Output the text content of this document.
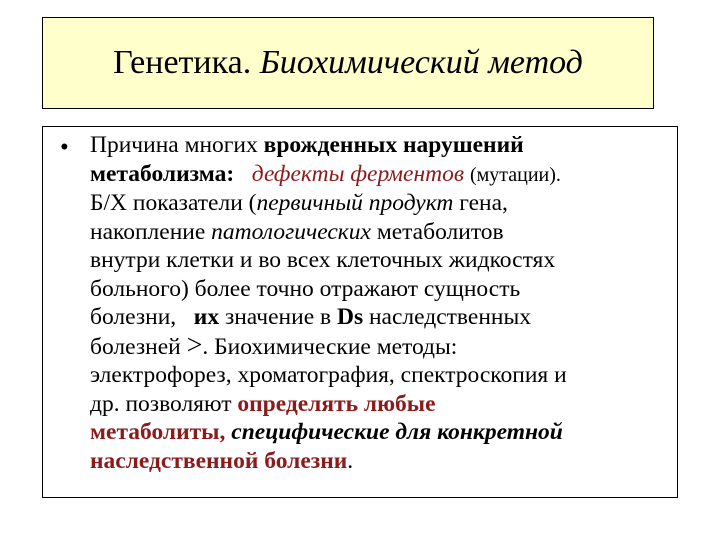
Генетика. Биохимический метод
• Причина многих врожденных нарушений
метаболизма: дефекты ферментов (мутации).
Б/Х показатели (первичный продукт гена,
накопление патологических метаболитов
внутри клетки и во всех клеточных жидкостях
больного) более точно отражают сущность
болезни, их значение в Ds наследственных
болезней >. Биохимические методы:
электрофорез, хроматография, спектроскопия и
др. позволяют определять любые
метаболиты, специфические для конкретной
наследственной болезни.
